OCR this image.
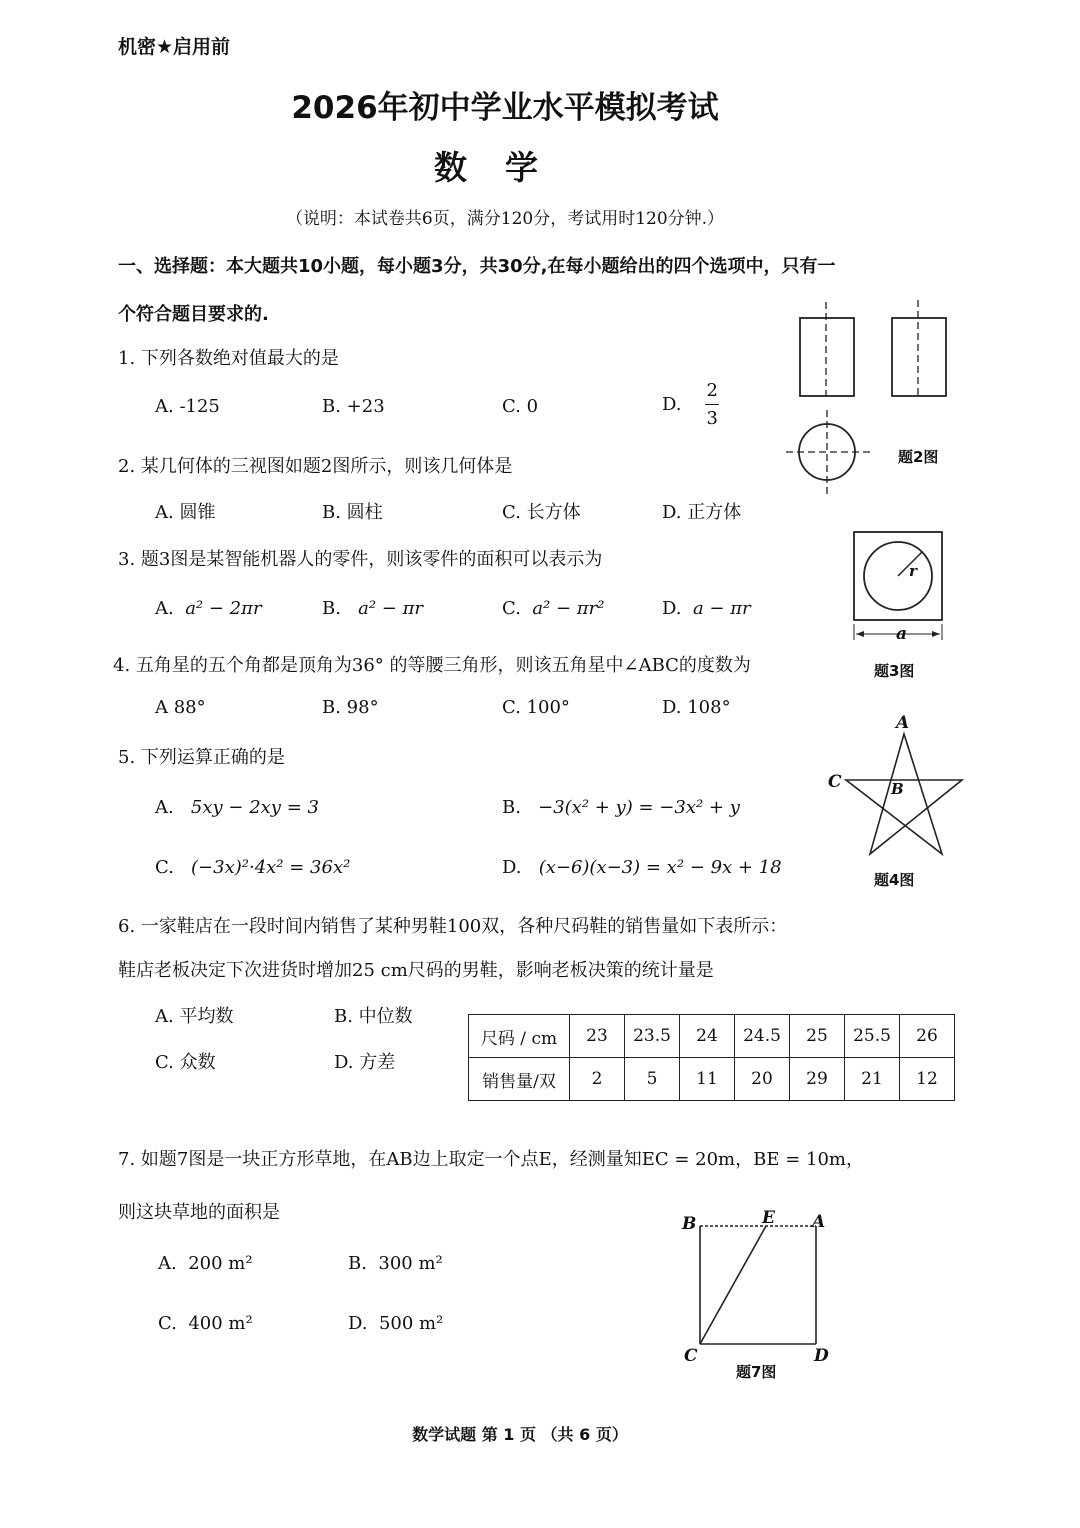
机密★启用前
2026年初中学业水平模拟考试
数学
（说明：本试卷共6页，满分120分，考试用时120分钟.）
一、选择题：本大题共10小题，每小题3分，共30分,在每小题给出的四个选项中，只有一
个符合题目要求的.
1. 下列各数绝对值最大的是
A. -125	B. +23	C. 0	D. $\frac{2}{3}$
2. 某几何体的三视图如题2图所示，则该几何体是
A. 圆锥	B. 圆柱	C. 长方体	D. 正方体
题2图
3. 题3图是某智能机器人的零件，则该零件的面积可以表示为
A. a² − 2πr	B. a² − πr	C. a² − πr²	D. a − πr
r
a
题3图
4. 五角星的五个角都是顶角为36° 的等腰三角形，则该五角星中∠ABC的度数为
A 88°	B. 98°	C. 100°	D. 108°
A
B
C
题4图
5. 下列运算正确的是
A. 5xy − 2xy = 3	B. −3(x² + y) = −3x² + y
C. (−3x)²·4x² = 36x²	D. (x−6)(x−3) = x² − 9x + 18
6. 一家鞋店在一段时间内销售了某种男鞋100双，各种尺码鞋的销售量如下表所示：
鞋店老板决定下次进货时增加25 cm尺码的男鞋，影响老板决策的统计量是
A. 平均数	B. 中位数
C. 众数	D. 方差
尺码 / cm	23	23.5	24	24.5	25	25.5	26
销售量/双	2	5	11	20	29	21	12
7. 如题7图是一块正方形草地，在AB边上取定一个点E，经测量知EC = 20m，BE = 10m，
则这块草地的面积是
A. 200 m²	B. 300 m²
C. 400 m²	D. 500 m²
B	E A
C	D
题7图
数学试题 第 1 页 （共 6 页）
